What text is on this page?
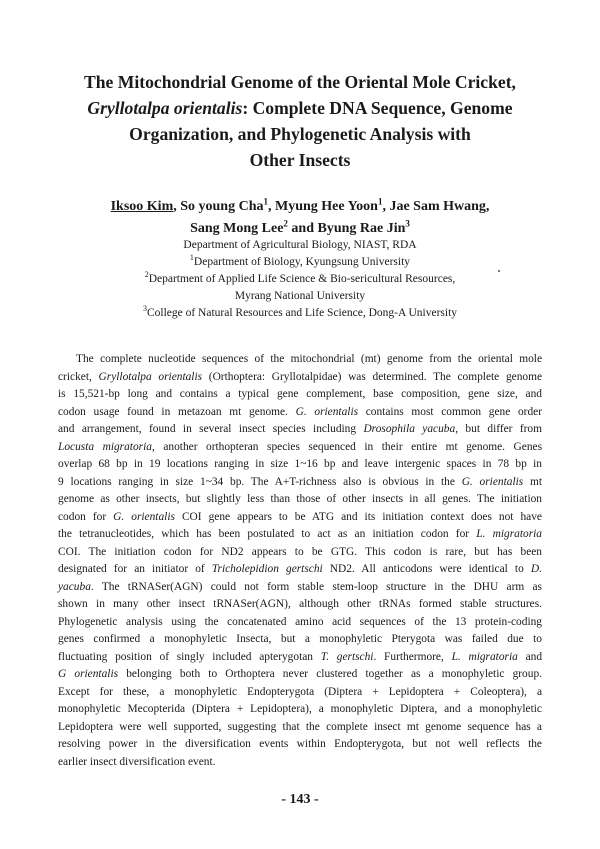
The Mitochondrial Genome of the Oriental Mole Cricket,
Gryllotalpa orientalis: Complete DNA Sequence, Genome
Organization, and Phylogenetic Analysis with
Other Insects
Iksoo Kim, So young Cha$^1$, Myung Hee Yoon$^1$, Jae Sam Hwang,
Sang Mong Lee$^2$ and Byung Rae Jin$^3$
Department of Agricultural Biology, NIAST, RDA
$^1$Department of Biology, Kyungsung University
$^2$Department of Applied Life Science & Bio-sericultural Resources,
Myrang National University
$^3$College of Natural Resources and Life Science, Dong-A University
The complete nucleotide sequences of the mitochondrial (mt) genome from the oriental mole
cricket, Gryllotalpa orientalis (Orthoptera: Gryllotalpidae) was determined. The complete genome
is 15,521-bp long and contains a typical gene complement, base composition, gene size, and
codon usage found in metazoan mt genome. G. orientalis contains most common gene order
and arrangement, found in several insect species including Drosophila yacuba, but differ from
Locusta migratoria, another orthopteran species sequenced in their entire mt genome. Genes
overlap 68 bp in 19 locations ranging in size 1~16 bp and leave intergenic spaces in 78 bp in
9 locations ranging in size 1~34 bp. The A+T-richness also is obvious in the G. orientalis mt
genome as other insects, but slightly less than those of other insects in all genes. The initiation
codon for G. orientalis COI gene appears to be ATG and its initiation context does not have
the tetranucleotides, which has been postulated to act as an initiation codon for L. migratoria
COI. The initiation codon for ND2 appears to be GTG. This codon is rare, but has been
designated for an initiator of Tricholepidion gertschi ND2. All anticodons were identical to D.
yacuba. The tRNASer(AGN) could not form stable stem-loop structure in the DHU arm as
shown in many other insect tRNASer(AGN), although other tRNAs formed stable structures.
Phylogenetic analysis using the concatenated amino acid sequences of the 13 protein-coding
genes confirmed a monophyletic Insecta, but a monophyletic Pterygota was failed due to
fluctuating position of singly included apterygotan T. gertschi. Furthermore, L. migratoria and
G orientalis belonging both to Orthoptera never clustered together as a monophyletic group.
Except for these, a monophyletic Endopterygota (Diptera + Lepidoptera + Coleoptera), a
monophyletic Mecopterida (Diptera + Lepidoptera), a monophyletic Diptera, and a monophyletic
Lepidoptera were well supported, suggesting that the complete insect mt genome sequence has a
resolving power in the diversification events within Endopterygota, but not well reflects the
earlier insect diversification event.
- 143 -
